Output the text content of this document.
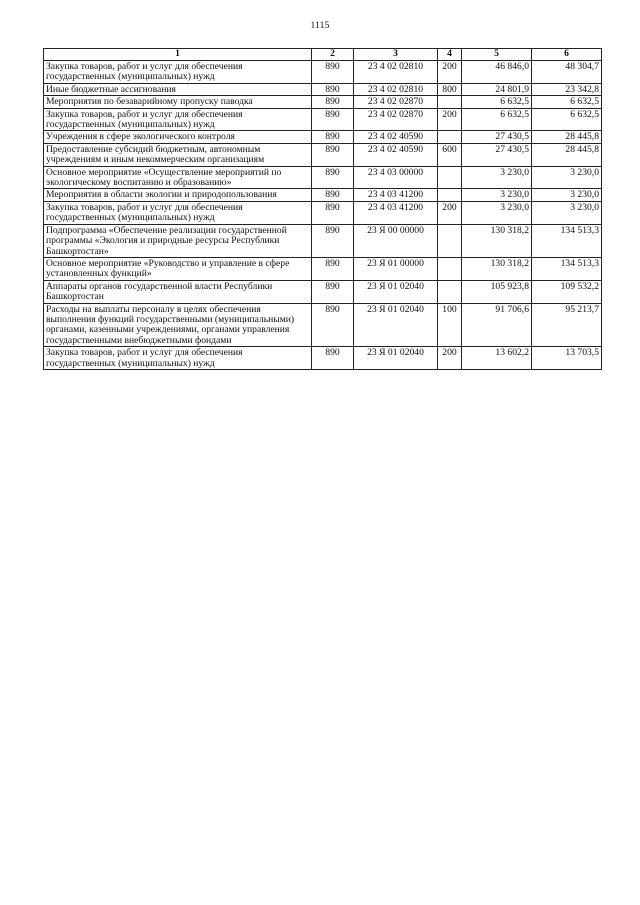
1115
1	2	3	4	5	6
Закупка товаров, работ и услуг для обеспечения государственных (муниципальных) нужд	890	23 4 02 02810	200	46 846,0	48 304,7
Иные бюджетные ассигнования	890	23 4 02 02810	800	24 801,9	23 342,8
Мероприятия по безаварийному пропуску паводка	890	23 4 02 02870		6 632,5	6 632,5
Закупка товаров, работ и услуг для обеспечения государственных (муниципальных) нужд	890	23 4 02 02870	200	6 632,5	6 632,5
Учреждения в сфере экологического контроля	890	23 4 02 40590		27 430,5	28 445,8
Предоставление субсидий бюджетным, автономным учреждениям и иным некоммерческим организациям	890	23 4 02 40590	600	27 430,5	28 445,8
Основное мероприятие «Осуществление мероприятий по экологическому воспитанию и образованию»	890	23 4 03 00000		3 230,0	3 230,0
Мероприятия в области экологии и природопользования	890	23 4 03 41200		3 230,0	3 230,0
Закупка товаров, работ и услуг для обеспечения государственных (муниципальных) нужд	890	23 4 03 41200	200	3 230,0	3 230,0
Подпрограмма «Обеспечение реализации государственной программы «Экология и природные ресурсы Республики Башкортостан»	890	23 Я 00 00000		130 318,2	134 513,3
Основное мероприятие «Руководство и управление в сфере установленных функций»	890	23 Я 01 00000		130 318,2	134 513,3
Аппараты органов государственной власти Республики Башкортостан	890	23 Я 01 02040		105 923,8	109 532,2
Расходы на выплаты персоналу в целях обеспечения выполнения функций государственными (муниципальными) органами, казенными учреждениями, органами управления государственными внебюджетными фондами	890	23 Я 01 02040	100	91 706,6	95 213,7
Закупка товаров, работ и услуг для обеспечения государственных (муниципальных) нужд	890	23 Я 01 02040	200	13 602,2	13 703,5
